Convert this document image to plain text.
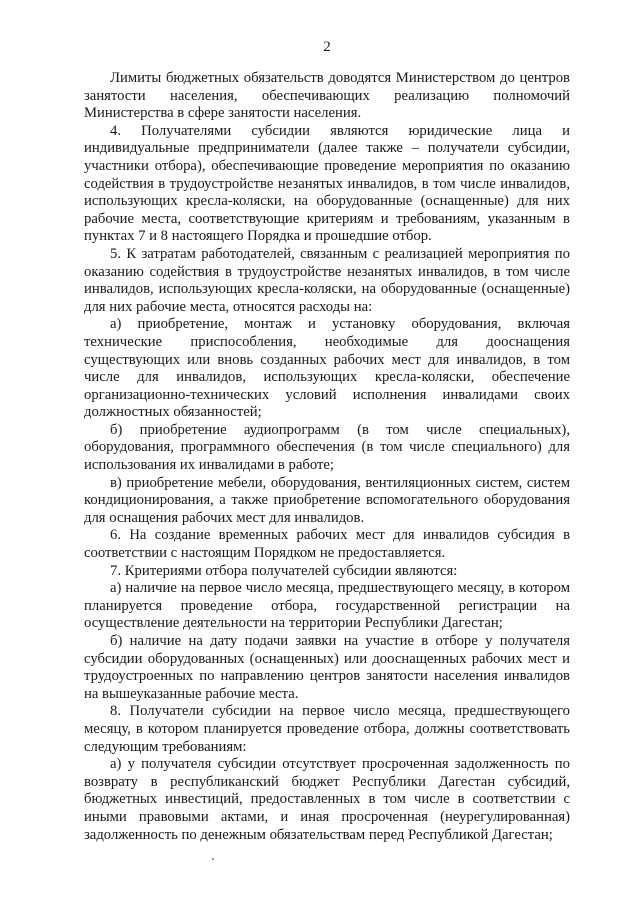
2

Лимиты бюджетных обязательств доводятся Министерством до центров занятости населения, обеспечивающих реализацию полномочий Министерства в сфере занятости населения.

4. Получателями субсидии являются юридические лица и индивидуальные предприниматели (далее также – получатели субсидии, участники отбора), обеспечивающие проведение мероприятия по оказанию содействия в трудоустройстве незанятых инвалидов, в том числе инвалидов, использующих кресла-коляски, на оборудованные (оснащенные) для них рабочие места, соответствующие критериям и требованиям, указанным в пунктах 7 и 8 настоящего Порядка и прошедшие отбор.

5. К затратам работодателей, связанным с реализацией мероприятия по оказанию содействия в трудоустройстве незанятых инвалидов, в том числе инвалидов, использующих кресла-коляски, на оборудованные (оснащенные) для них рабочие места, относятся расходы на:

а) приобретение, монтаж и установку оборудования, включая технические приспособления, необходимые для дооснащения существующих или вновь созданных рабочих мест для инвалидов, в том числе для инвалидов, использующих кресла-коляски, обеспечение организационно-технических условий исполнения инвалидами своих должностных обязанностей;

б) приобретение аудиопрограмм (в том числе специальных), оборудования, программного обеспечения (в том числе специального) для использования их инвалидами в работе;

в) приобретение мебели, оборудования, вентиляционных систем, систем кондиционирования, а также приобретение вспомогательного оборудования для оснащения рабочих мест для инвалидов.

6. На создание временных рабочих мест для инвалидов субсидия в соответствии с настоящим Порядком не предоставляется.

7. Критериями отбора получателей субсидии являются:

а) наличие на первое число месяца, предшествующего месяцу, в котором планируется проведение отбора, государственной регистрации на осуществление деятельности на территории Республики Дагестан;

б) наличие на дату подачи заявки на участие в отборе у получателя субсидии оборудованных (оснащенных) или дооснащенных рабочих мест и трудоустроенных по направлению центров занятости населения инвалидов на вышеуказанные рабочие места.

8. Получатели субсидии на первое число месяца, предшествующего месяцу, в котором планируется проведение отбора, должны соответствовать следующим требованиям:

а) у получателя субсидии отсутствует просроченная задолженность по возврату в республиканский бюджет Республики Дагестан субсидий, бюджетных инвестиций, предоставленных в том числе в соответствии с иными правовыми актами, и иная просроченная (неурегулированная) задолженность по денежным обязательствам перед Республикой Дагестан;
